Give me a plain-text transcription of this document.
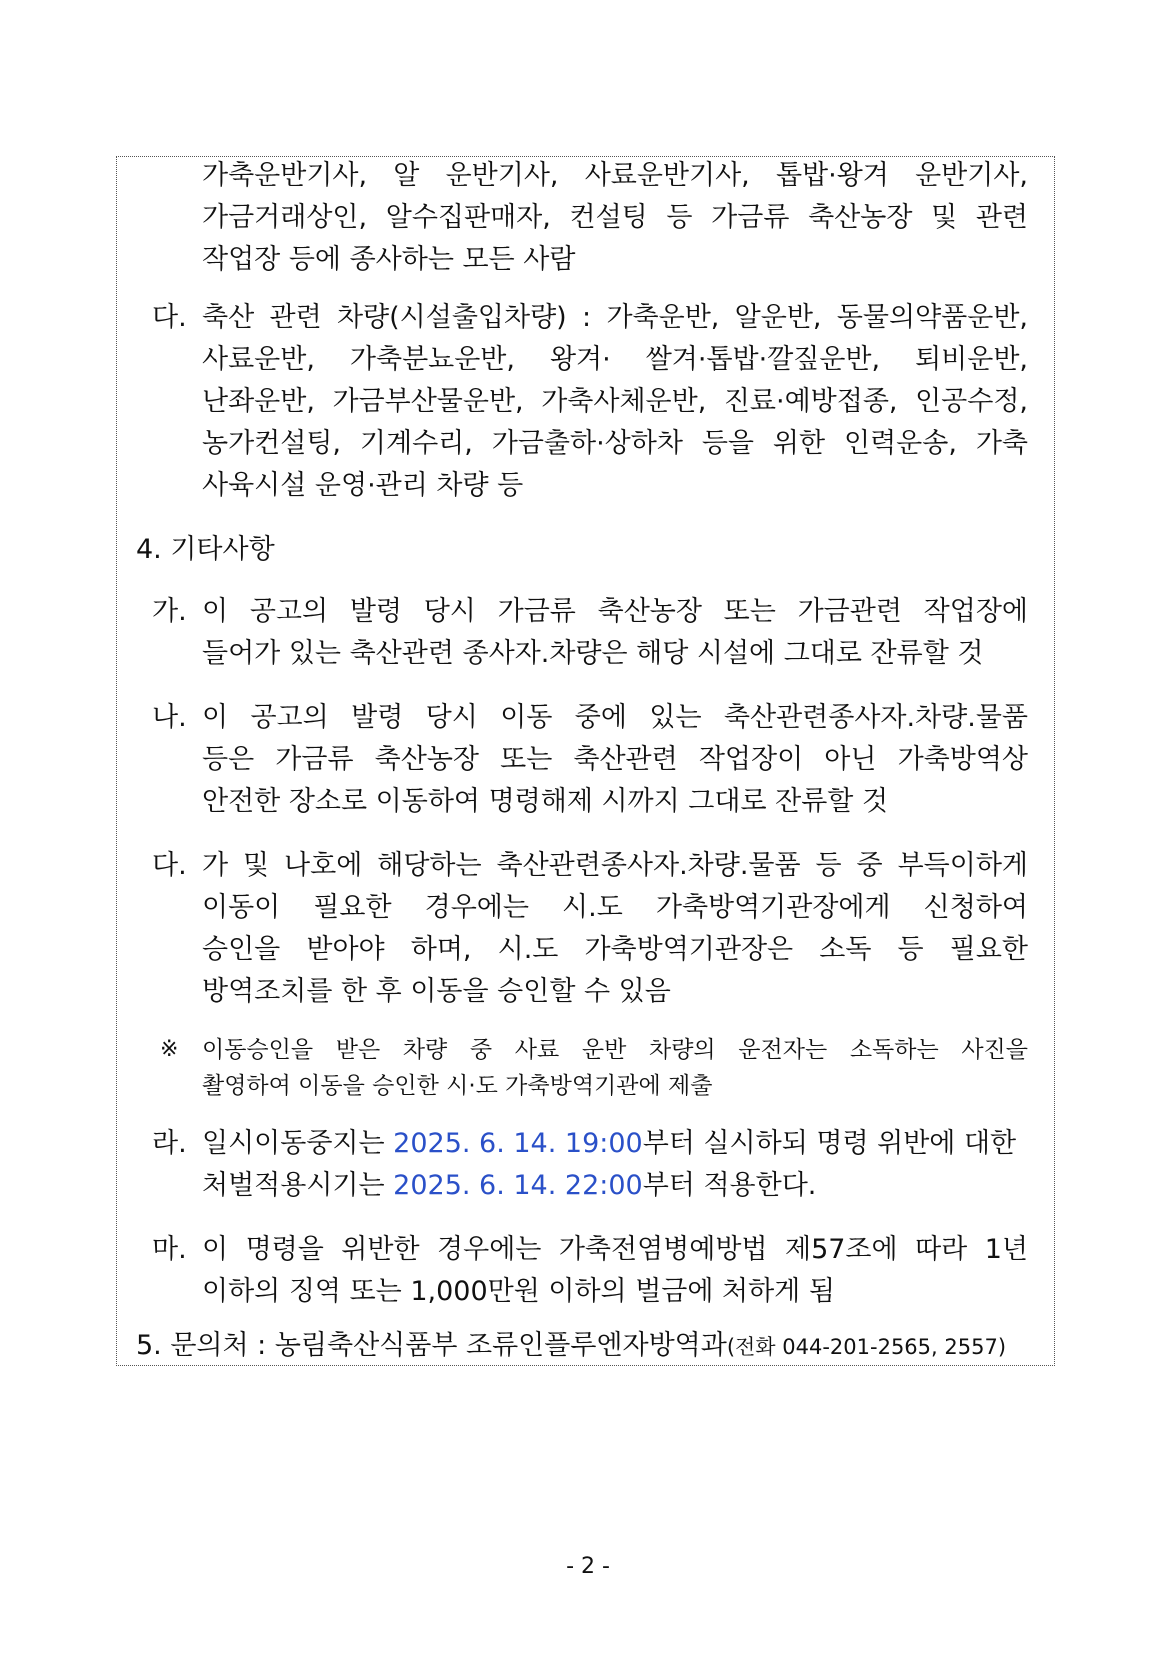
가축운반기사, 알 운반기사, 사료운반기사, 톱밥·왕겨 운반기사,
가금거래상인, 알수집판매자, 컨설팅 등 가금류 축산농장 및 관련
작업장 등에 종사하는 모든 사람
다. 축산 관련 차량(시설출입차량) : 가축운반, 알운반, 동물의약품운반,
사료운반, 가축분뇨운반, 왕겨· 쌀겨·톱밥·깔짚운반, 퇴비운반,
난좌운반, 가금부산물운반, 가축사체운반, 진료·예방접종, 인공수정,
농가컨설팅, 기계수리, 가금출하·상하차 등을 위한 인력운송, 가축
사육시설 운영·관리 차량 등
4. 기타사항
가. 이 공고의 발령 당시 가금류 축산농장 또는 가금관련 작업장에
들어가 있는 축산관련 종사자.차량은 해당 시설에 그대로 잔류할 것
나. 이 공고의 발령 당시 이동 중에 있는 축산관련종사자.차량.물품
등은 가금류 축산농장 또는 축산관련 작업장이 아닌 가축방역상
안전한 장소로 이동하여 명령해제 시까지 그대로 잔류할 것
다. 가 및 나호에 해당하는 축산관련종사자.차량.물품 등 중 부득이하게
이동이 필요한 경우에는 시.도 가축방역기관장에게 신청하여
승인을 받아야 하며, 시.도 가축방역기관장은 소독 등 필요한
방역조치를 한 후 이동을 승인할 수 있음
※ 이동승인을 받은 차량 중 사료 운반 차량의 운전자는 소독하는 사진을
촬영하여 이동을 승인한 시·도 가축방역기관에 제출
라. 일시이동중지는 2025. 6. 14. 19:00부터 실시하되 명령 위반에 대한
처벌적용시기는 2025. 6. 14. 22:00부터 적용한다.
마. 이 명령을 위반한 경우에는 가축전염병예방법 제57조에 따라 1년
이하의 징역 또는 1,000만원 이하의 벌금에 처하게 됨
5. 문의처 : 농림축산식품부 조류인플루엔자방역과(전화 044-201-2565, 2557)
- 2 -
